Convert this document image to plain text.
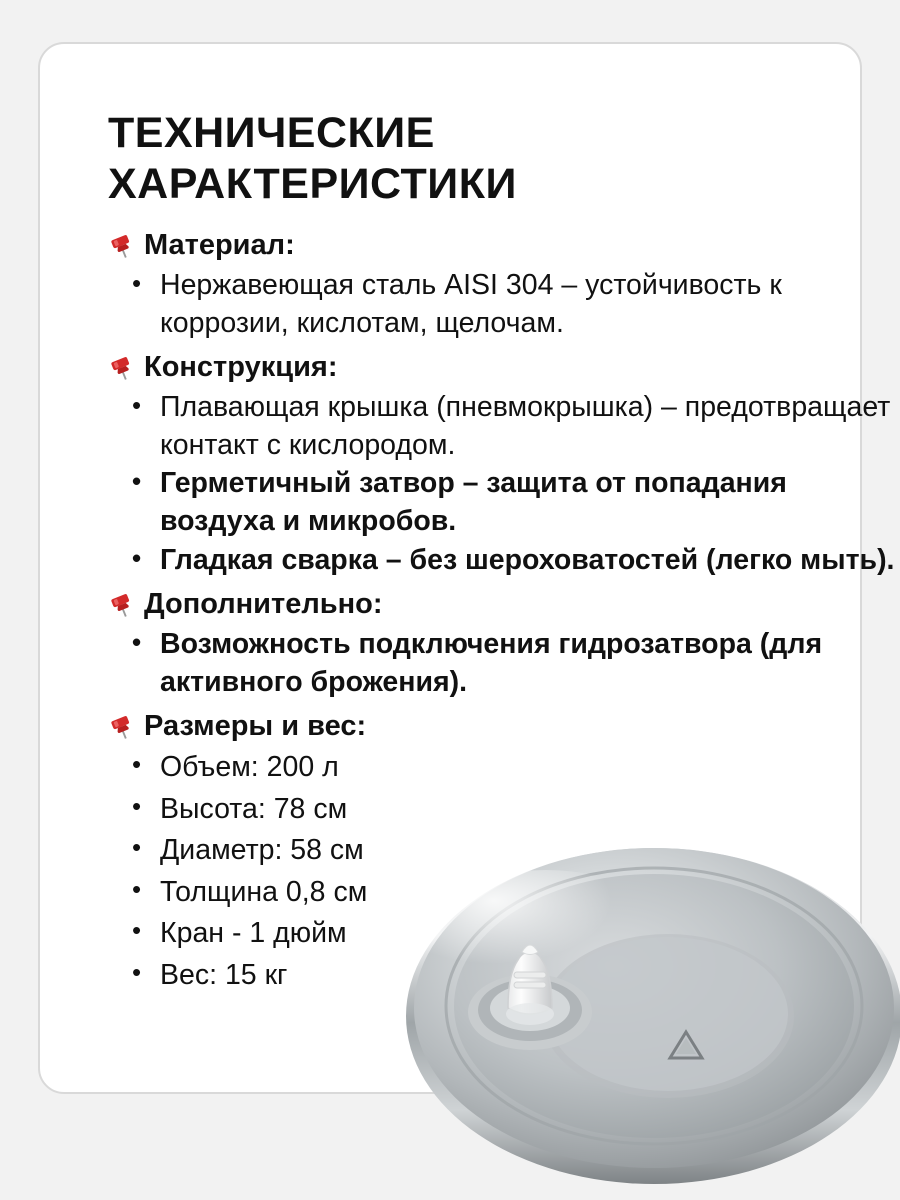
ТЕХНИЧЕСКИЕ ХАРАКТЕРИСТИКИ
Материал:
• Нержавеющая сталь AISI 304 – устойчивость к коррозии, кислотам, щелочам.
Конструкция:
• Плавающая крышка (пневмокрышка) – предотвращает контакт с кислородом.
• Герметичный затвор – защита от попадания воздуха и микробов.
• Гладкая сварка – без шероховатостей (легко мыть).
Дополнительно:
• Возможность подключения гидрозатвора (для активного брожения).
Размеры и вес:
• Объем: 200 л
• Высота: 78 см
• Диаметр: 58 см
• Толщина 0,8 см
• Кран - 1 дюйм
• Вес: 15 кг
